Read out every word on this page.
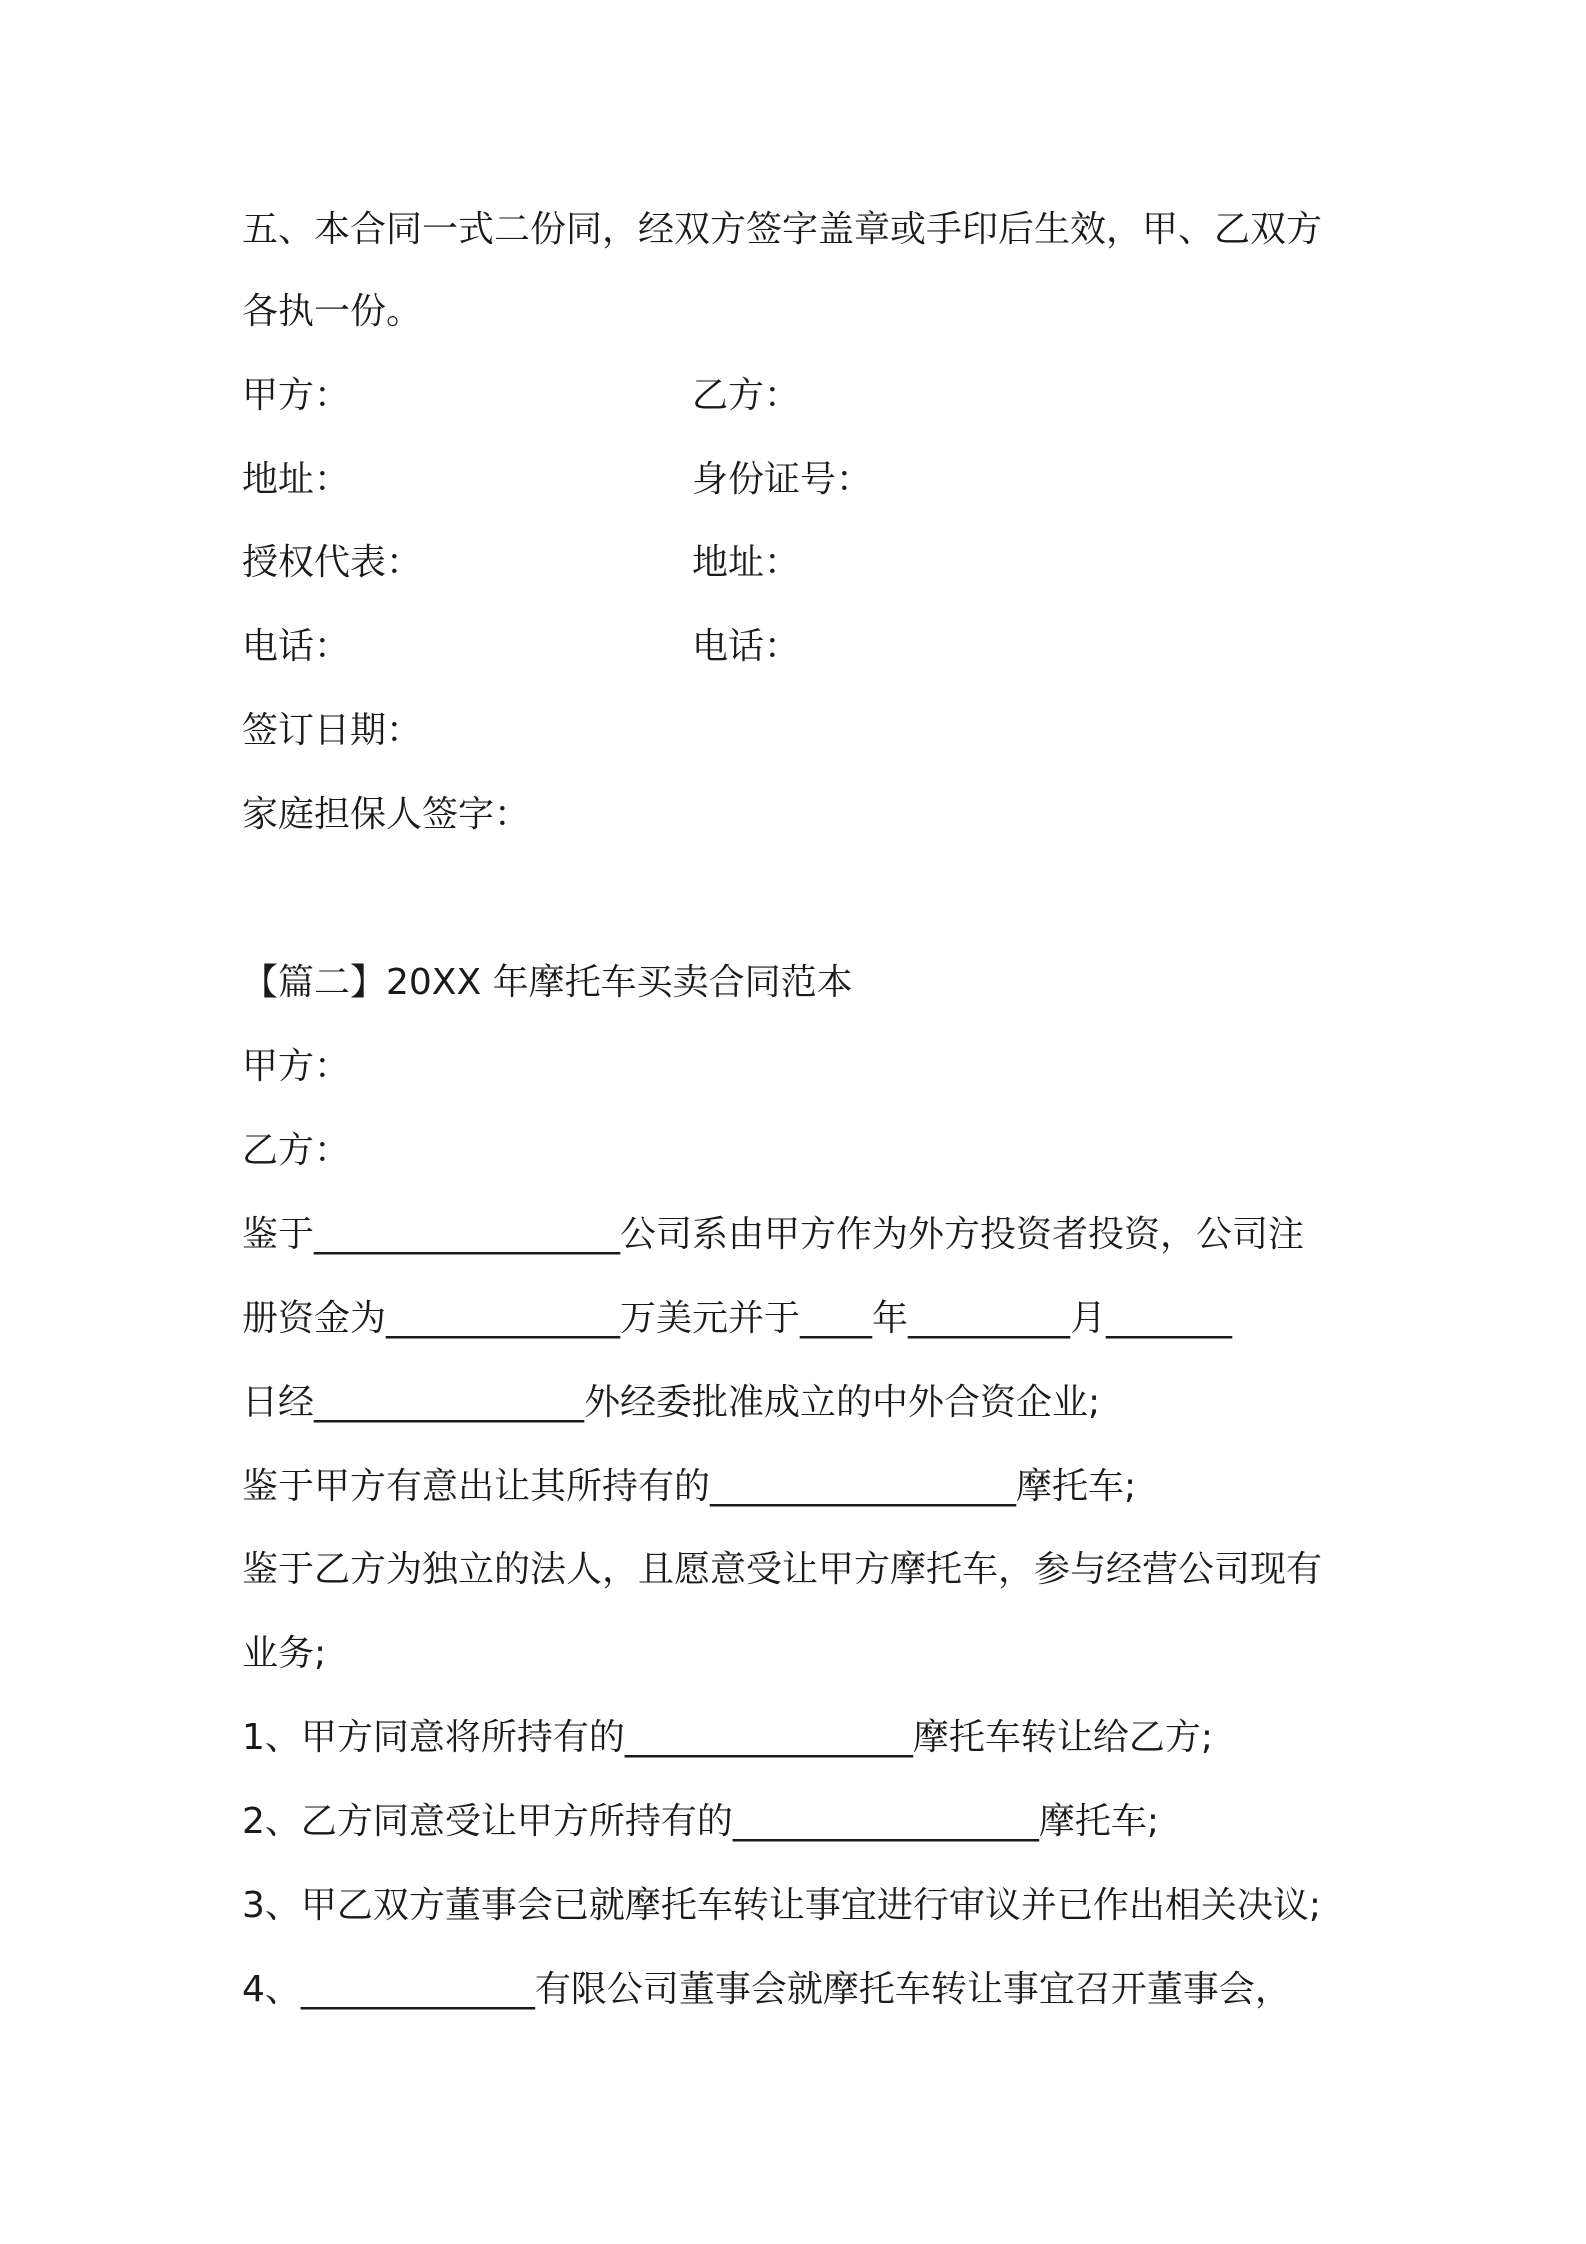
五、本合同一式二份同，经双方签字盖章或手印后生效，甲、乙双方
各执一份。
甲方：	乙方：
地址：	身份证号：
授权代表：	地址：
电话：	电话：
签订日期：
家庭担保人签字：
【篇二】20XX 年摩托车买卖合同范本
甲方：
乙方：
鉴于_________________公司系由甲方作为外方投资者投资，公司注
册资金为_____________万美元并于____年_________月_______
日经_______________外经委批准成立的中外合资企业;
鉴于甲方有意出让其所持有的_________________摩托车;
鉴于乙方为独立的法人，且愿意受让甲方摩托车，参与经营公司现有
业务;
1、甲方同意将所持有的________________摩托车转让给乙方;
2、乙方同意受让甲方所持有的_________________摩托车;
3、甲乙双方董事会已就摩托车转让事宜进行审议并已作出相关决议;
4、_____________有限公司董事会就摩托车转让事宜召开董事会，
